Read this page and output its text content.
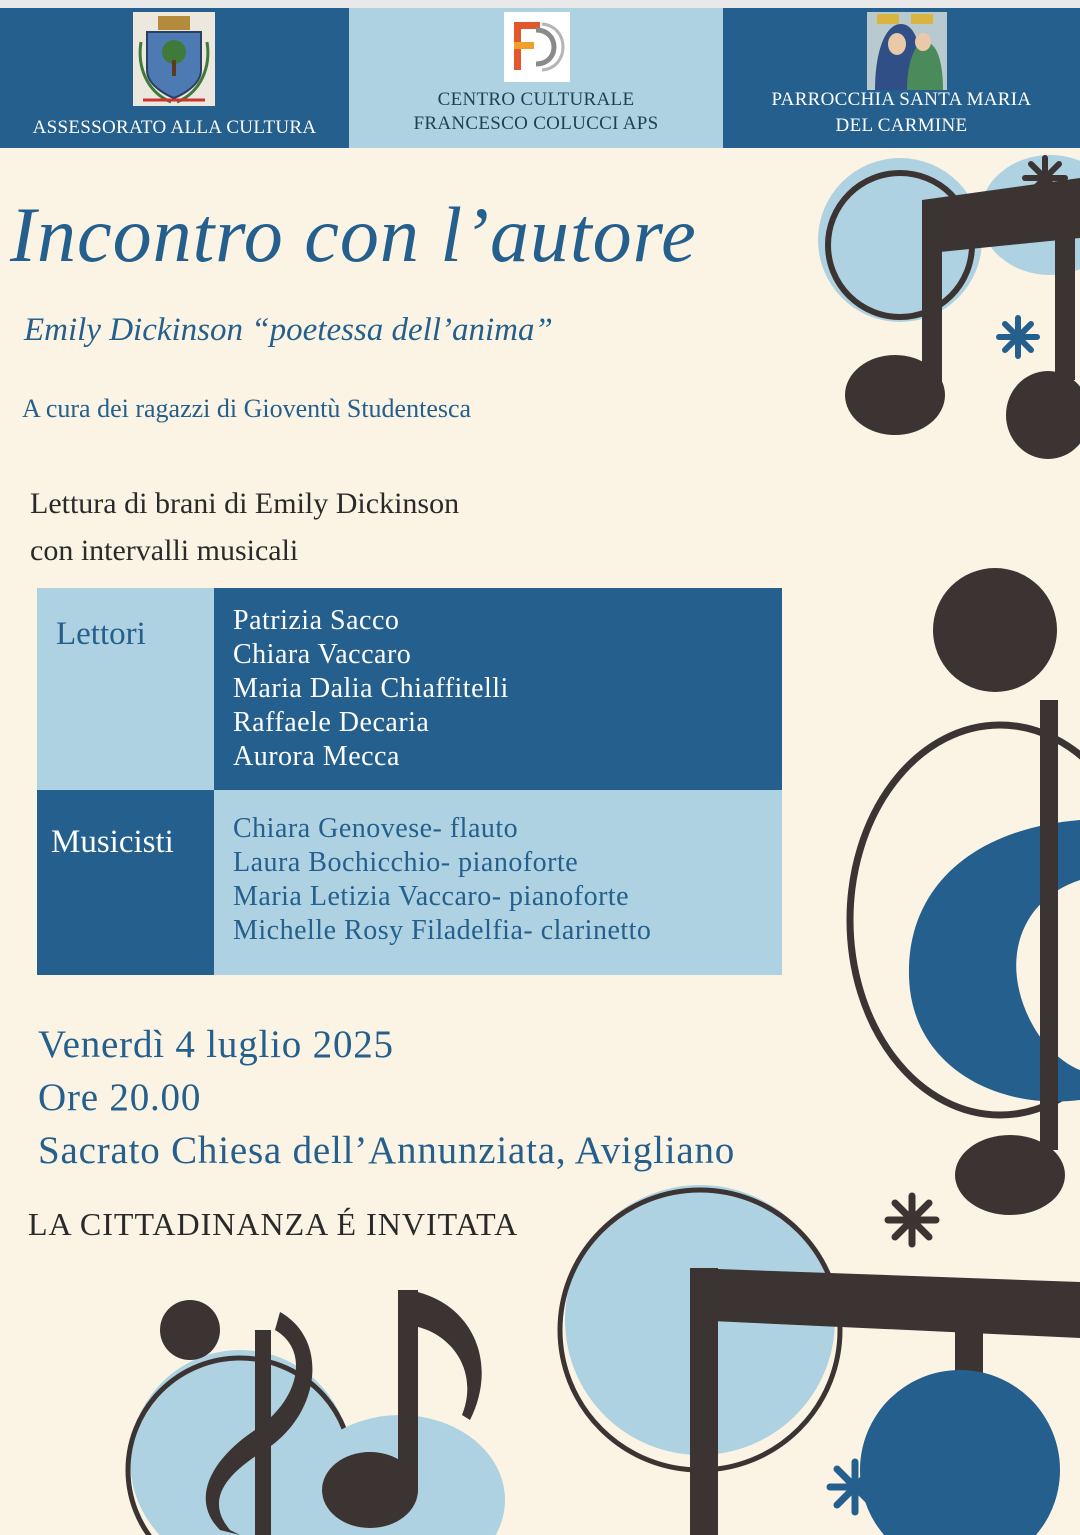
ASSESSORATO ALLA CULTURA
CENTRO CULTURALE
FRANCESCO COLUCCI APS
PARROCCHIA SANTA MARIA
DEL CARMINE
Incontro con l’autore

Emily Dickinson “poetessa dell’anima”

A cura dei ragazzi di Gioventù Studentesca

Lettura di brani di Emily Dickinson
con intervalli musicali
Lettori	Patrizia Sacco
Chiara Vaccaro
Maria Dalia Chiaffitelli
Raffaele Decaria
Aurora Mecca
Musicisti Chiara Genovese- flauto
Laura Bochicchio- pianoforte
Maria Letizia Vaccaro- pianoforte
Michelle Rosy Filadelfia- clarinetto
Venerdì 4 luglio 2025
Ore 20.00
Sacrato Chiesa dell’Annunziata, Avigliano

LA CITTADINANZA É INVITATA
